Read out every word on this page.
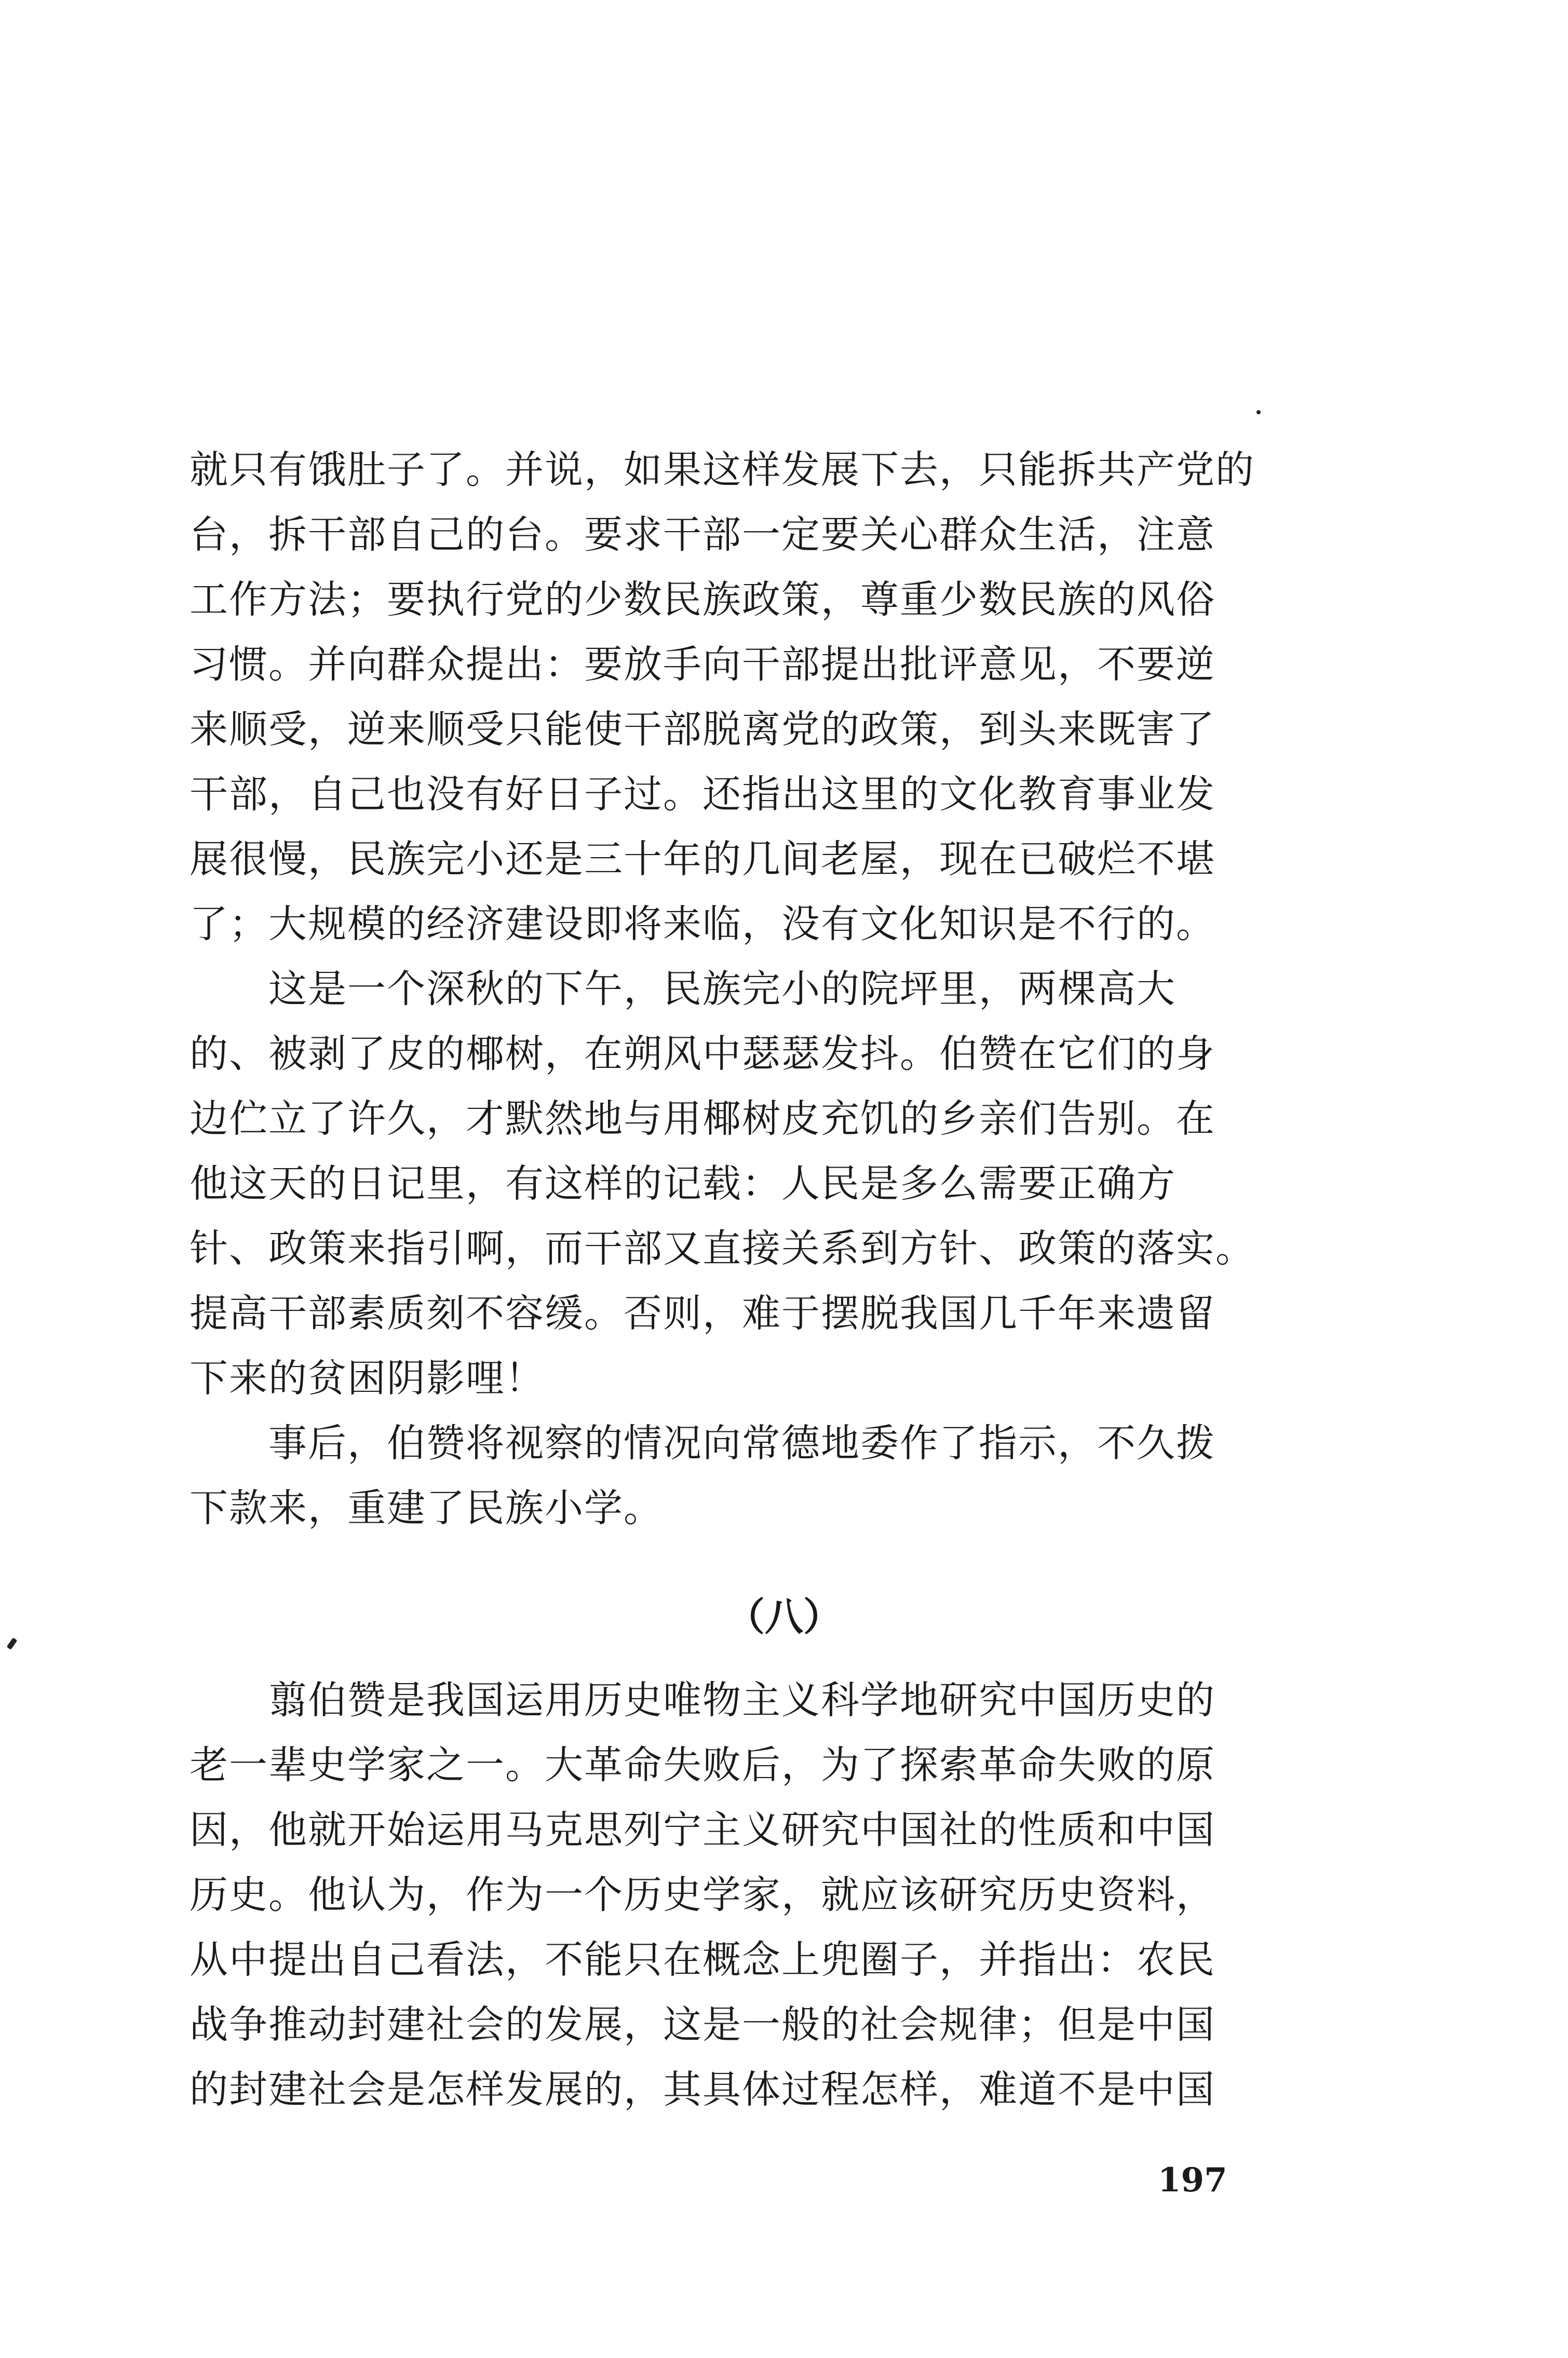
就只有饿肚子了。并说，如果这样发展下去，只能拆共产党的
台，拆干部自己的台。要求干部一定要关心群众生活，注意
工作方法；要执行党的少数民族政策，尊重少数民族的风俗
习惯。并向群众提出：要放手向干部提出批评意见，不要逆
来顺受，逆来顺受只能使干部脱离党的政策，到头来既害了
干部，自己也没有好日子过。还指出这里的文化教育事业发
展很慢，民族完小还是三十年的几间老屋，现在已破烂不堪
了；大规模的经济建设即将来临，没有文化知识是不行的。
　　这是一个深秋的下午，民族完小的院坪里，两棵高大
的、被剥了皮的椰树，在朔风中瑟瑟发抖。伯赞在它们的身
边伫立了许久，才默然地与用椰树皮充饥的乡亲们告别。在
他这天的日记里，有这样的记载：人民是多么需要正确方
针、政策来指引啊，而干部又直接关系到方针、政策的落实。
提高干部素质刻不容缓。否则，难于摆脱我国几千年来遗留
下来的贫困阴影哩！
　　事后，伯赞将视察的情况向常德地委作了指示，不久拨
下款来，重建了民族小学。
（八）
　　翦伯赞是我国运用历史唯物主义科学地研究中国历史的
老一辈史学家之一。大革命失败后，为了探索革命失败的原
因，他就开始运用马克思列宁主义研究中国社的性质和中国
历史。他认为，作为一个历史学家，就应该研究历史资料，
从中提出自己看法，不能只在概念上兜圈子，并指出：农民
战争推动封建社会的发展，这是一般的社会规律；但是中国
的封建社会是怎样发展的，其具体过程怎样，难道不是中国
197
